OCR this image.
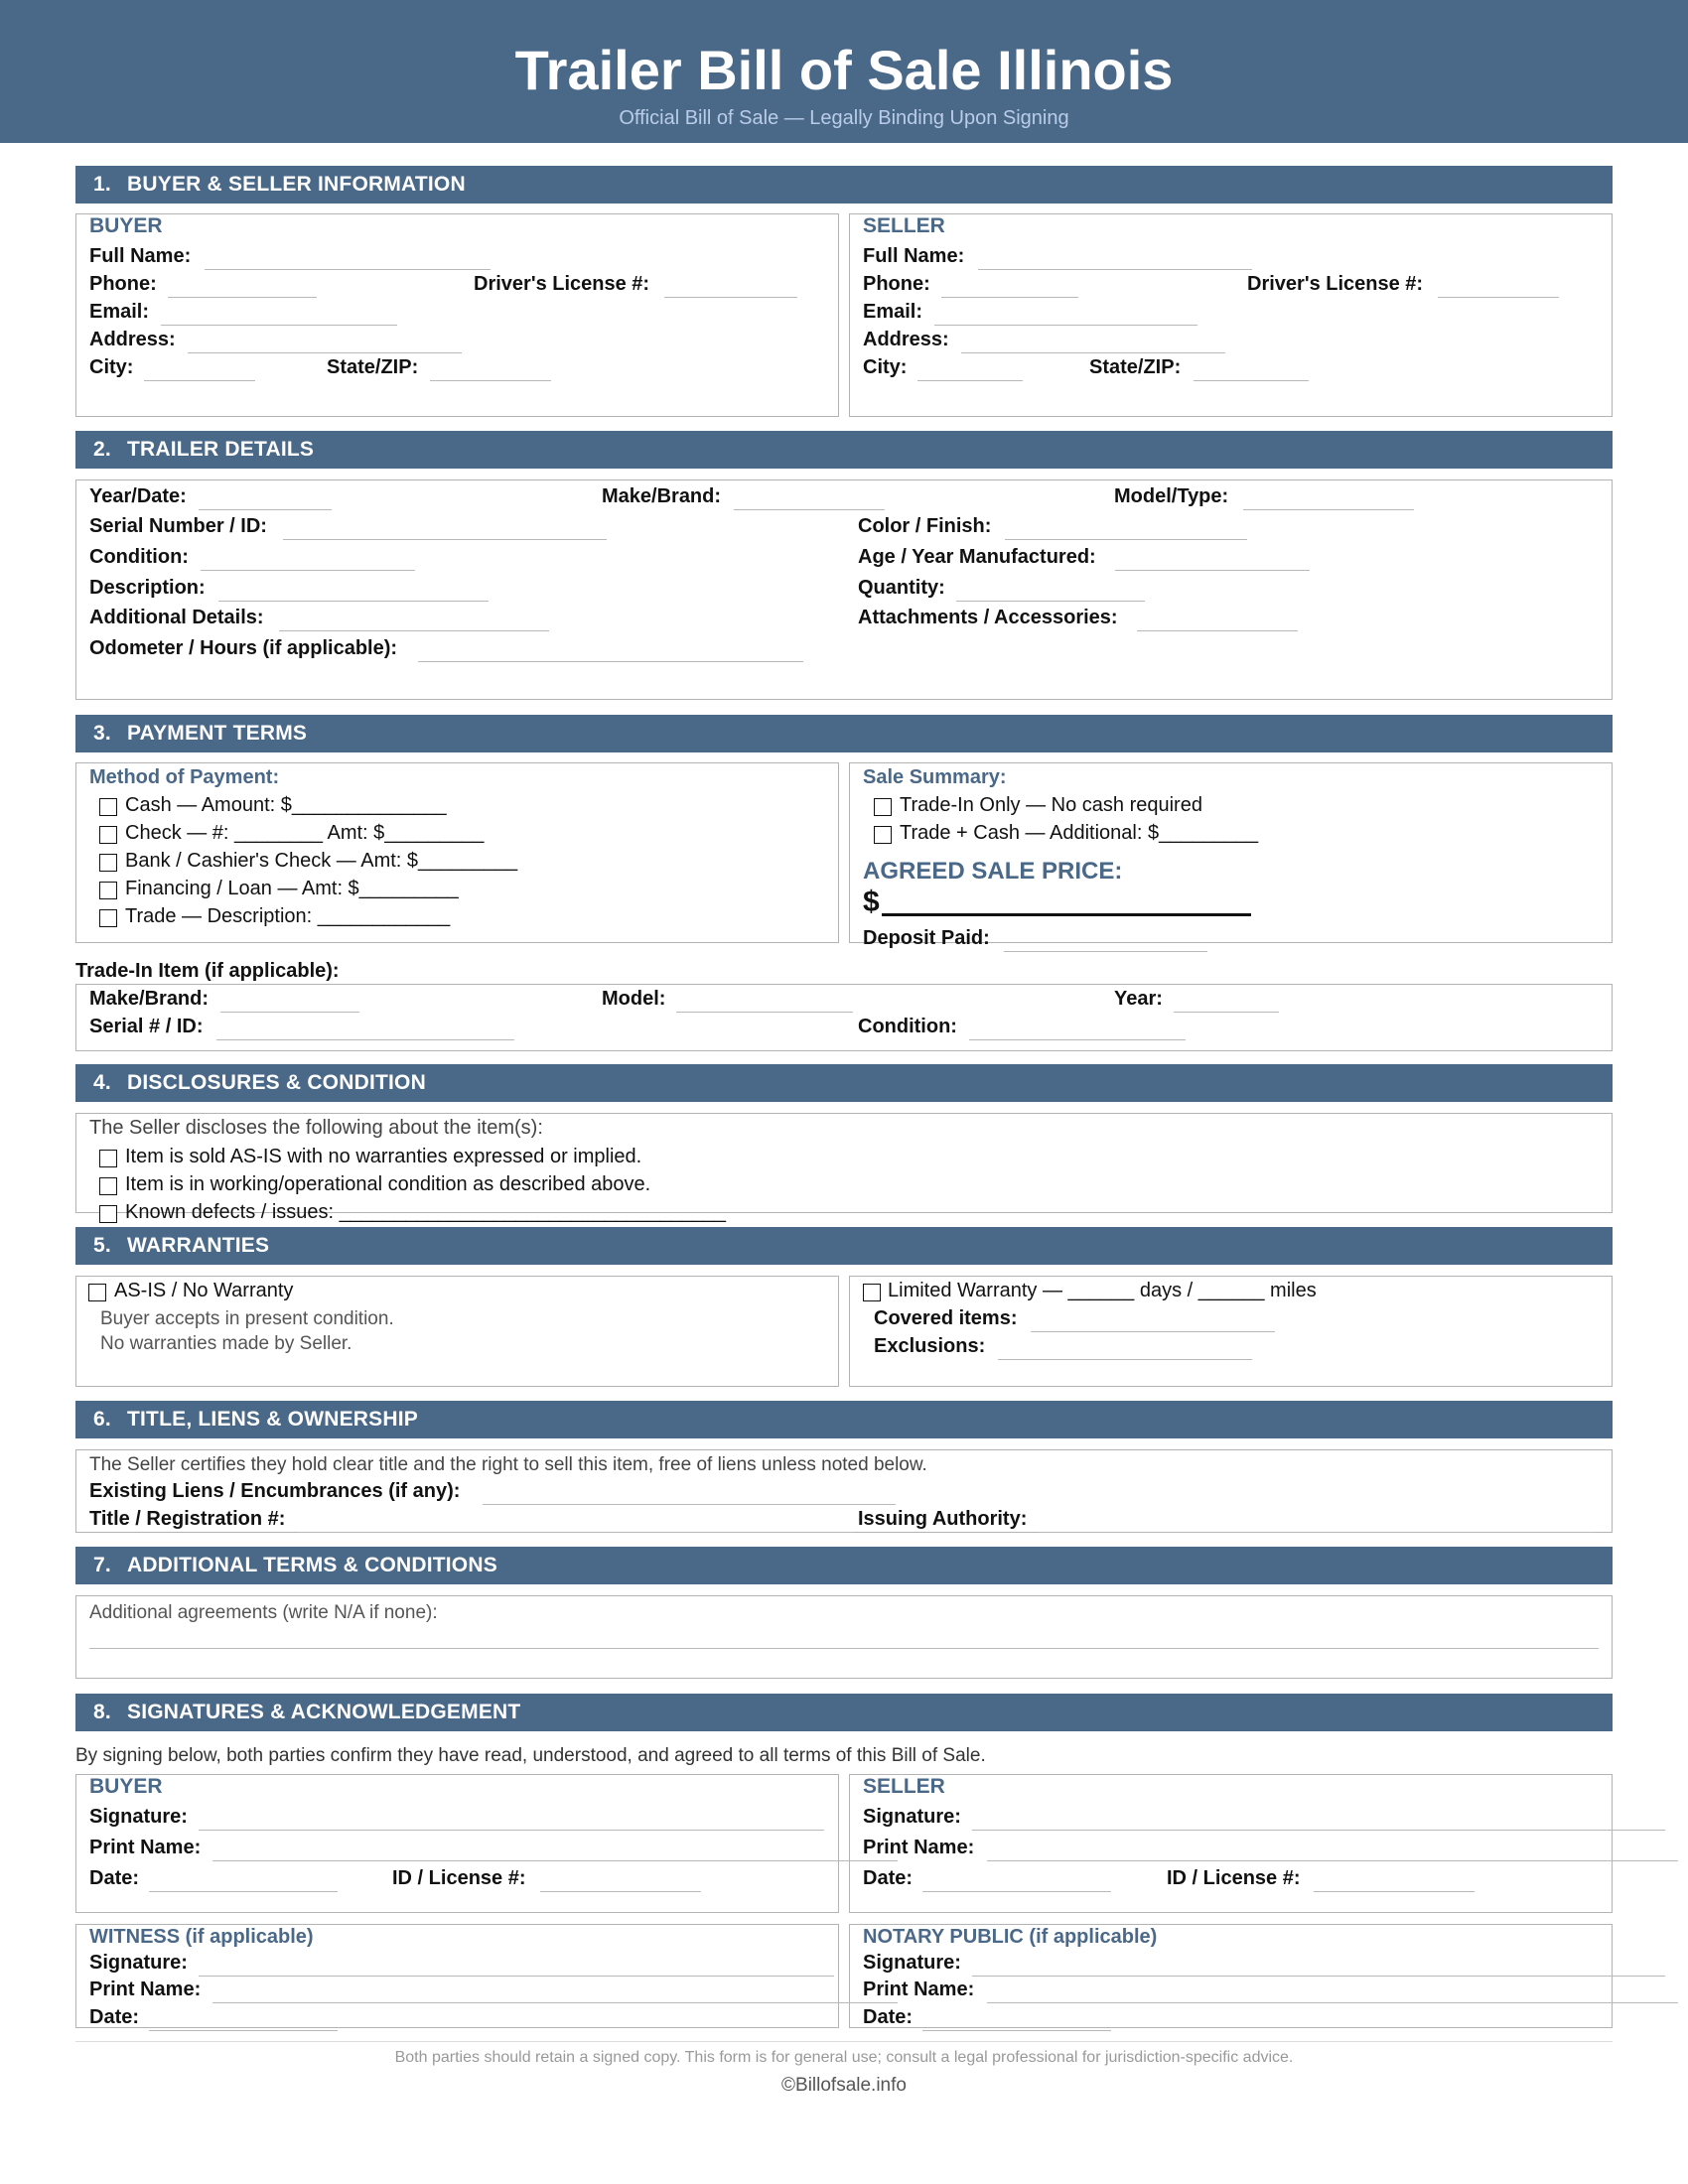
Trailer Bill of Sale Illinois
Official Bill of Sale — Legally Binding Upon Signing
1. BUYER & SELLER INFORMATION
BUYER
Full Name:
Phone:	Driver's License #:
Email:
Address:
City:	State/ZIP:
SELLER
Full Name:
Phone:	Driver's License #:
Email:
Address:
City:	State/ZIP:
2. TRAILER DETAILS
Year/Date:	Make/Brand:	Model/Type:
Serial Number / ID:	Color / Finish:
Condition:	Age / Year Manufactured:
Description:	Quantity:
Additional Details:	Attachments / Accessories:
Odometer / Hours (if applicable):
3. PAYMENT TERMS
Method of Payment:
Cash — Amount: $______________
Check — #: ________ Amt: $_________
Bank / Cashier's Check — Amt: $_________
Financing / Loan — Amt: $_________
Trade — Description: ____________
Sale Summary:
Trade-In Only — No cash required
Trade + Cash — Additional: $_________
AGREED SALE PRICE:
$
Deposit Paid:
Trade-In Item (if applicable):
Make/Brand:	Model:	Year:
Serial # / ID:	Condition:
4. DISCLOSURES & CONDITION
The Seller discloses the following about the item(s):
Item is sold AS-IS with no warranties expressed or implied.
Item is in working/operational condition as described above.
Known defects / issues: ___________________________________
5. WARRANTIES
AS-IS / No Warranty
Buyer accepts in present condition.
No warranties made by Seller.
Limited Warranty — ______ days / ______ miles
Covered items:
Exclusions:
6. TITLE, LIENS & OWNERSHIP
The Seller certifies they hold clear title and the right to sell this item, free of liens unless noted below.
Existing Liens / Encumbrances (if any):
Title / Registration #:	Issuing Authority:
7. ADDITIONAL TERMS & CONDITIONS
Additional agreements (write N/A if none):
8. SIGNATURES & ACKNOWLEDGEMENT
By signing below, both parties confirm they have read, understood, and agreed to all terms of this Bill of Sale.
BUYER
Signature:
Print Name:
Date:	ID / License #:
SELLER
Signature:
Print Name:
Date:	ID / License #:
WITNESS (if applicable)
Signature:
Print Name:
Date:
NOTARY PUBLIC (if applicable)
Signature:
Print Name:
Date:
Both parties should retain a signed copy. This form is for general use; consult a legal professional for jurisdiction-specific advice.
©Billofsale.info
